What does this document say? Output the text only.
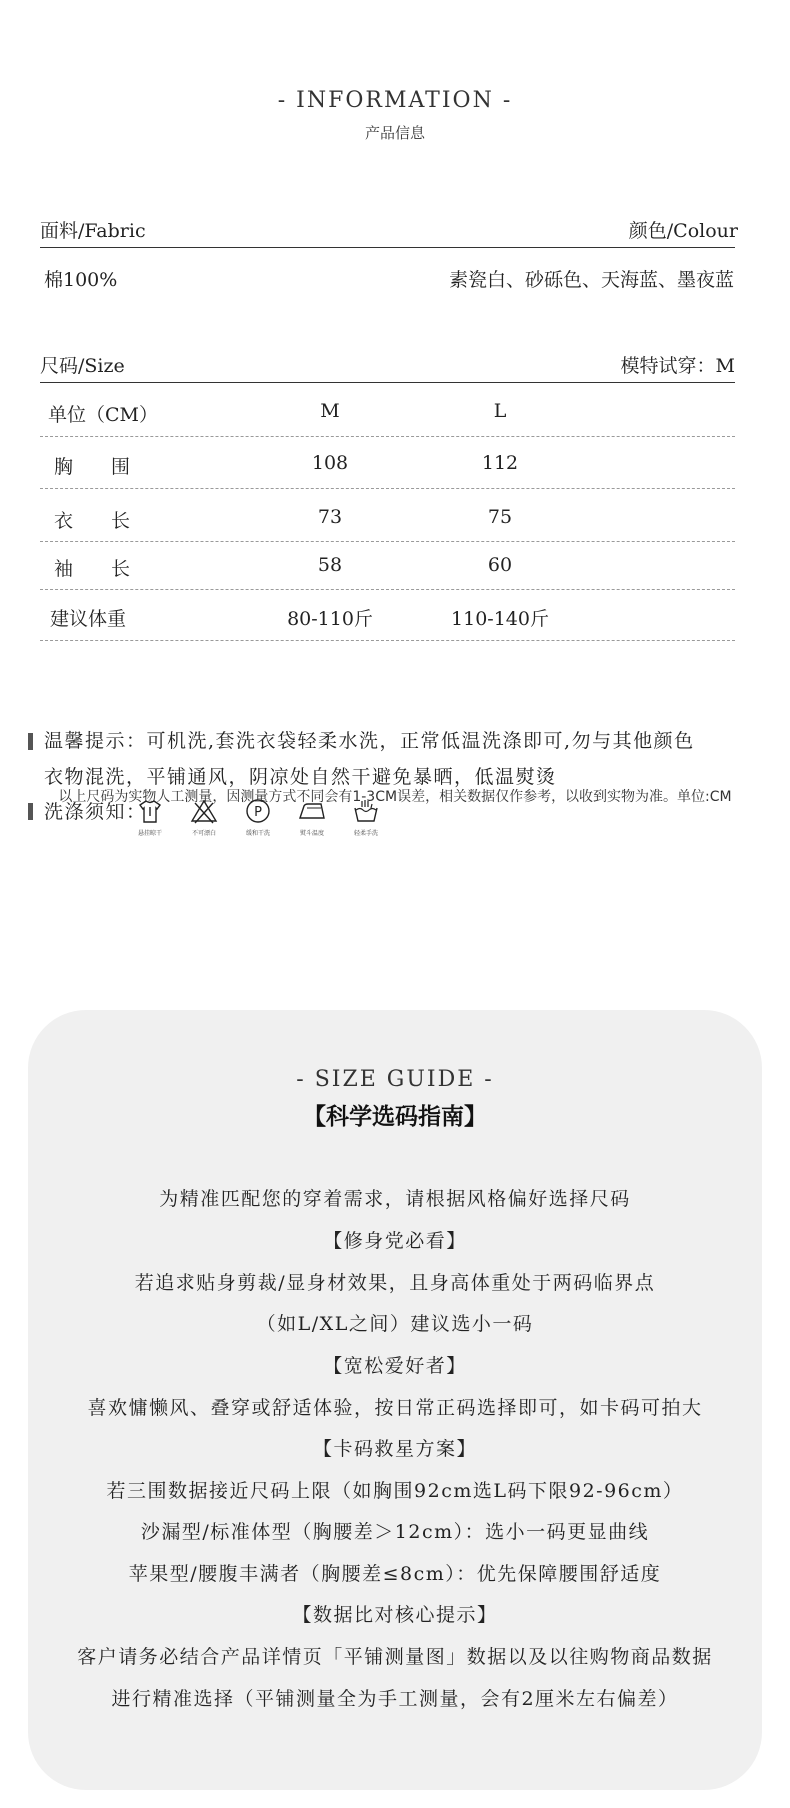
- INFORMATION -
产品信息
面料/Fabric	颜色/Colour
棉100%	素瓷白、砂砾色、天海蓝、墨夜蓝
尺码/Size	模特试穿：M
单位（CM）	M	L
胸　　围	108	112
衣　　长	73	75
袖　　长	58	60
建议体重	80-110斤	110-140斤
以上尺码为实物人工测量，因测量方式不同会有1-3CM误差，相关数据仅作参考，以收到实物为准。单位:CM
温馨提示：可机洗,套洗衣袋轻柔水洗，正常低温洗涤即可,勿与其他颜色
衣物混洗，平铺通风，阴凉处自然干避免暴晒，低温熨烫
洗涤须知：
悬挂晾干	不可漂白
P
缓和干洗	熨斗温度	轻柔手洗
- SIZE GUIDE -
【科学选码指南】
为精准匹配您的穿着需求，请根据风格偏好选择尺码
【修身党必看】
若追求贴身剪裁/显身材效果，且身高体重处于两码临界点
（如L/XL之间）建议选小一码
【宽松爱好者】
喜欢慵懒风、叠穿或舒适体验，按日常正码选择即可，如卡码可拍大
【卡码救星方案】
若三围数据接近尺码上限（如胸围92cm选L码下限92-96cm）
沙漏型/标准体型（胸腰差＞12cm）：选小一码更显曲线
苹果型/腰腹丰满者（胸腰差≤8cm）：优先保障腰围舒适度
【数据比对核心提示】
客户请务必结合产品详情页「平铺测量图」数据以及以往购物商品数据
进行精准选择（平铺测量全为手工测量，会有2厘米左右偏差）
